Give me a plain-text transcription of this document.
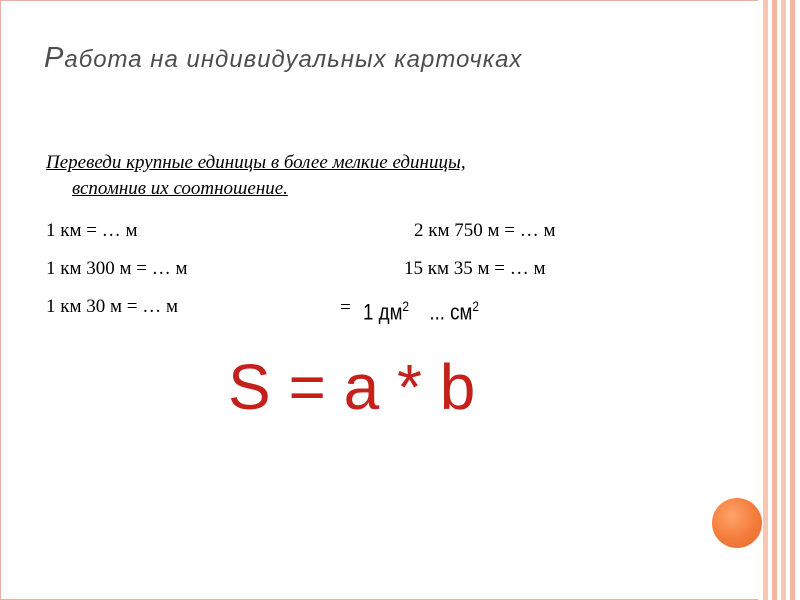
Работа на индивидуальных карточках
Переведи крупные единицы в более мелкие единицы,
вспомнив их соотношение.
1 км = … м
1 км 300 м = … м
1 км 30 м = … м
2 км 750 м = … м
15 км 35 м = … м
= 1 $дм^2$ ... $см^2$
S = a * b
